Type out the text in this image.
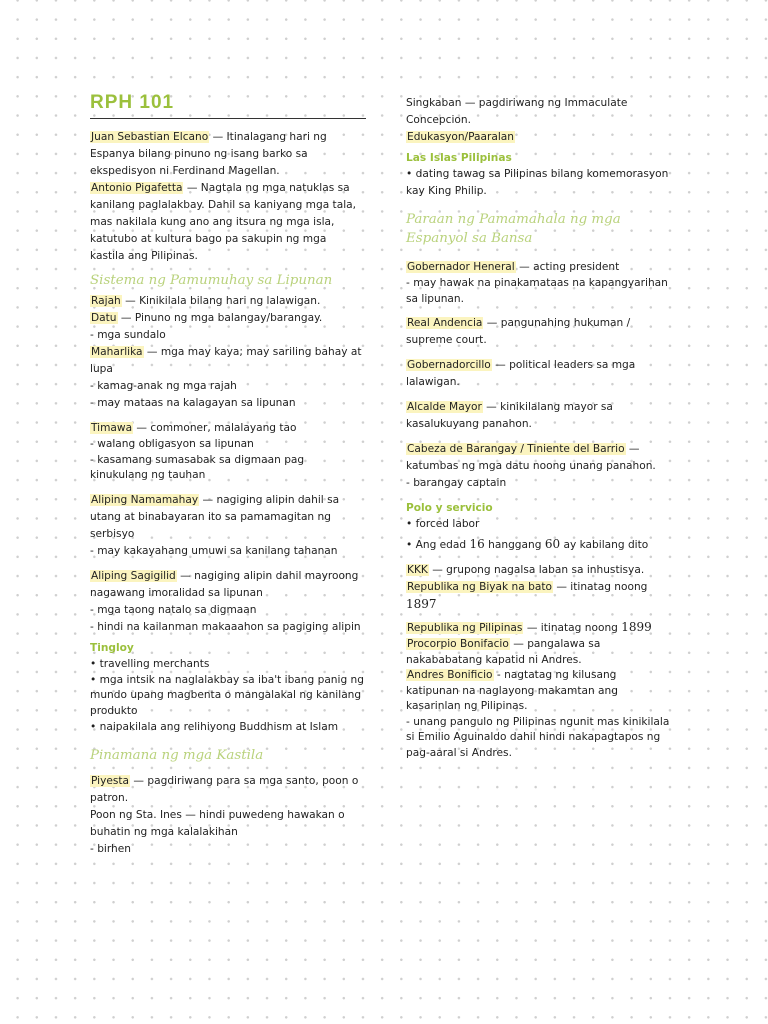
RPH 101

Juan Sebastian Elcano — Itinalagang hari ng Espanya bilang pinuno ng isang barko sa ekspedisyon ni Ferdinand Magellan.

Antonio Pigafetta — Nagtala ng mga natuklas sa kanilang paglalakbay. Dahil sa kaniyang mga tala, mas nakilala kung ano ang itsura ng mga isla, katutubo at kultura bago pa sakupin ng mga kastila ang Pilipinas.

Sistema ng Pamumuhay sa Lipunan

Rajah — Kinikilala bilang hari ng lalawigan.

Datu — Pinuno ng mga balangay/barangay.

- mga sundalo

Maharlika — mga may kaya; may sariling bahay at lupa

- kamag-anak ng mga rajah

- may mataas na kalagayan sa lipunan

Timawa — commoner, malalayang tao

- walang obligasyon sa lipunan

- kasamang sumasabak sa digmaan pag kinukulang ng tauhan

Aliping Namamahay — nagiging alipin dahil sa utang at binabayaran ito sa pamamagitan ng serbisyo

- may kakayahang umuwi sa kanilang tahanan

Aliping Sagigilid — nagiging alipin dahil mayroong nagawang imoralidad sa lipunan

- mga taong natalo sa digmaan

- hindi na kailanman makaaahon sa pagiging alipin

Tingloy

• travelling merchants

• mga intsik na naglalakbay sa iba't ibang panig ng mundo upang magbenta o mangalakal ng kanilang produkto

• naipakilala ang relihiyong Buddhism at Islam

Pinamana ng mga Kastila

Piyesta — pagdiriwang para sa mga santo, poon o patron.

Poon ng Sta. Ines — hindi puwedeng hawakan o buhatin ng mga kalalakihan

- birhen

Singkaban — pagdiriwang ng Immaculate Concepcion.

Edukasyon/Paaralan

Las Islas Pilipinas

• dating tawag sa Pilipinas bilang komemorasyon kay King Philip.

Paraan ng Pamamahala ng mga Espanyol sa Bansa

Gobernador Heneral — acting president

- may hawak na pinakamataas na kapangyarihan sa lipunan.

Real Andencia — pangunahing hukuman / supreme court.

Gobernadorcillo — political leaders sa mga lalawigan.

Alcalde Mayor — kinikilalang mayor sa kasalukuyang panahon.

Cabeza de Barangay / Tiniente del Barrio — katumbas ng mga datu noong unang panahon.

- barangay captain

Polo y servicio

• forced labor

• Ang edad 16 hanggang 60 ay kabilang dito

KKK — grupong nagalsa laban sa inhustisya.

Republika ng Biyak na bato — itinatag noong 1897

Republika ng Pilipinas — itinatag noong 1899

Procorpio Bonifacio — pangalawa sa nakababatang kapatid ni Andres.

Andres Bonificio - nagtatag ng kilusang katipunan na naglayong makamtan ang kasarinlan ng Pilipinas.

- unang pangulo ng Pilipinas ngunit mas kinikilala si Emilio Aguinaldo dahil hindi nakapagtapos ng pag-aaral si Andres.
